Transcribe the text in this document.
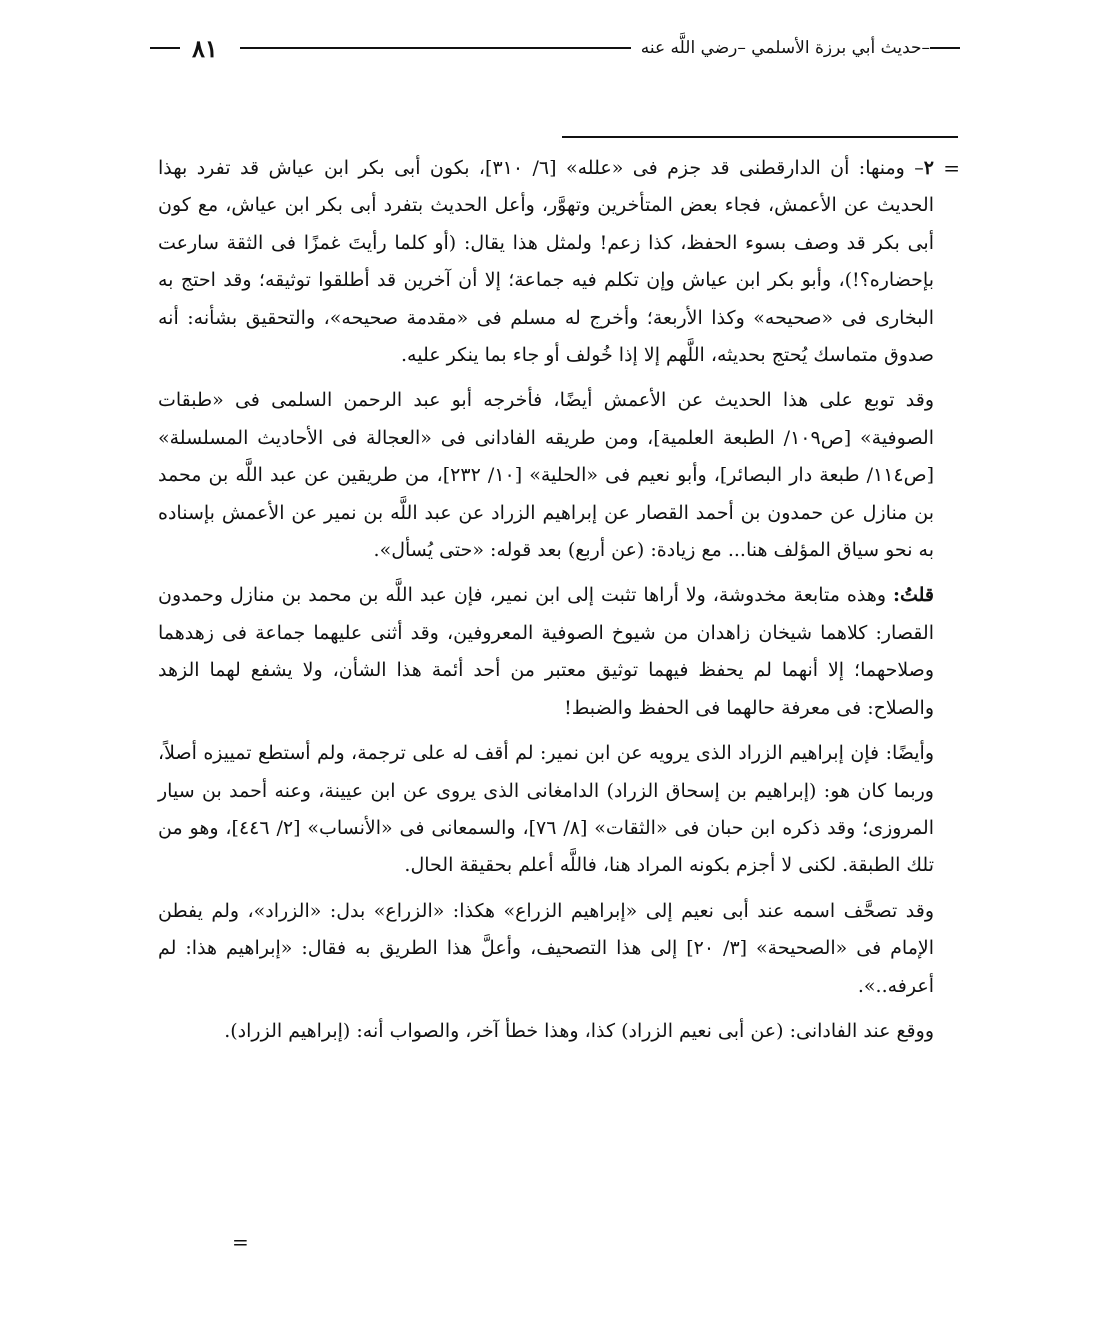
٨١	حديث أبي برزة الأسلمي –رضي اللَّه عنه–

=
٢– ومنها: أن الدارقطنى قد جزم فى «علله» [٦/ ٣١٠]، بكون أبى بكر ابن عياش قد تفرد بهذا الحديث عن الأعمش، فجاء بعض المتأخرين وتهوَّر، وأعل الحديث بتفرد أبى بكر ابن عياش، مع كون أبى بكر قد وصف بسوء الحفظ، كذا زعم! ولمثل هذا يقال: (أو كلما رأيتَ غمزًا فى الثقة سارعت بإحضاره؟!)، وأبو بكر ابن عياش وإن تكلم فيه جماعة؛ إلا أن آخرين قد أطلقوا توثيقه؛ وقد احتج به البخارى فى «صحيحه» وكذا الأربعة؛ وأخرج له مسلم فى «مقدمة صحيحه»، والتحقيق بشأنه: أنه صدوق متماسك يُحتج بحديثه، اللَّهم إلا إذا خُولف أو جاء بما ينكر عليه.

وقد توبع على هذا الحديث عن الأعمش أيضًا، فأخرجه أبو عبد الرحمن السلمى فى «طبقات الصوفية» [ص١٠٩/ الطبعة العلمية]، ومن طريقه الفادانى فى «العجالة فى الأحاديث المسلسلة» [ص١١٤/ طبعة دار البصائر]، وأبو نعيم فى «الحلية» [١٠/ ٢٣٢]، من طريقين عن عبد اللَّه بن محمد بن منازل عن حمدون بن أحمد القصار عن إبراهيم الزراد عن عبد اللَّه بن نمير عن الأعمش بإسناده به نحو سياق المؤلف هنا... مع زيادة: (عن أربع) بعد قوله: «حتى يُسأل».

قلتُ: وهذه متابعة مخدوشة، ولا أراها تثبت إلى ابن نمير، فإن عبد اللَّه بن محمد بن منازل وحمدون القصار: كلاهما شيخان زاهدان من شيوخ الصوفية المعروفين، وقد أثنى عليهما جماعة فى زهدهما وصلاحهما؛ إلا أنهما لم يحفظ فيهما توثيق معتبر من أحد أئمة هذا الشأن، ولا يشفع لهما الزهد والصلاح: فى معرفة حالهما فى الحفظ والضبط!

وأيضًا: فإن إبراهيم الزراد الذى يرويه عن ابن نمير: لم أقف له على ترجمة، ولم أستطع تمييزه أصلاً، وربما كان هو: (إبراهيم بن إسحاق الزراد) الدامغانى الذى يروى عن ابن عيينة، وعنه أحمد بن سيار المروزى؛ وقد ذكره ابن حبان فى «الثقات» [٨/ ٧٦]، والسمعانى فى «الأنساب» [٢/ ٤٤٦]، وهو من تلك الطبقة. لكنى لا أجزم بكونه المراد هنا، فاللَّه أعلم بحقيقة الحال.

وقد تصحَّف اسمه عند أبى نعيم إلى «إبراهيم الزراع» هكذا: «الزراع» بدل: «الزراد»، ولم يفطن الإمام فى «الصحيحة» [٣/ ٢٠] إلى هذا التصحيف، وأعلَّ هذا الطريق به فقال: «إبراهيم هذا: لم أعرفه..».

ووقع عند الفادانى: (عن أبى نعيم الزراد) كذا، وهذا خطأ آخر، والصواب أنه: (إبراهيم الزراد).

=
